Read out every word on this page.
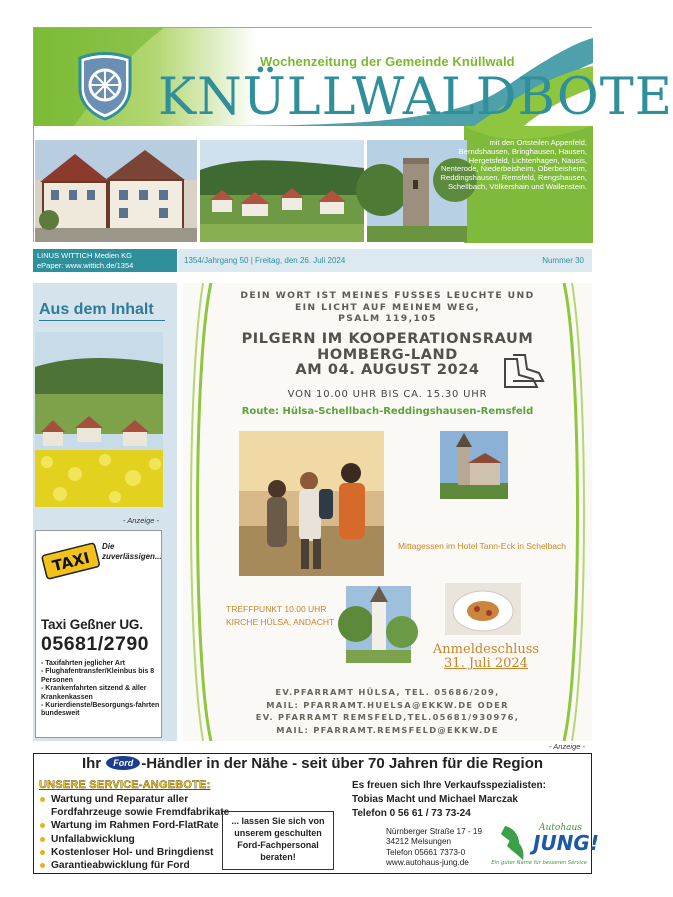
Wochenzeitung der Gemeinde Knüllwald
KNÜLLWALDBOTE
mit den Ortsteilen Appenfeld, Berndshausen, Bringhausen, Hausen, Hergetsfeld, Lichtenhagen, Nausis, Nenterode, Niederbeisheim, Oberbeisheim, Reddingshausen, Remsfeld, Rengshausen, Schellbach, Völkershain und Wallenstein.
LINUS WITTICH Medien KG
ePaper: www.wittich.de/1354	1354/Jahrgang 50 | Freitag, den 26. Juli 2024	Nummer 30
Aus dem Inhalt
- Anzeige -
TAXI
Die zuverlässigen...
Taxi Geßner UG.
05681/2790
- Taxifahrten jeglicher Art
- Flughafentransfer/Kleinbus bis 8 Personen
- Krankenfahrten sitzend & aller Krankenkassen
- Kurierdienste/Besorgungs-fahrten bundesweit
DEIN WORT IST MEINES FUSSES LEUCHTE UND
EIN LICHT AUF MEINEM WEG,
PSALM 119,105
PILGERN IM KOOPERATIONSRAUM
HOMBERG-LAND
AM 04. AUGUST 2024
VON 10.00 UHR BIS CA. 15.30 UHR
Route: Hülsa-Schellbach-Reddingshausen-Remsfeld
Mittagessen im Hotel Tann-Eck in Schelbach
TREFFPUNKT 10.00 UHR
KIRCHE HÜLSA, ANDACHT
Anmeldeschluss
31. Juli 2024
EV.PFARRAMT HÜLSA, TEL. 05686/209,
MAIL: PFARRAMT.HUELSA@EKKW.DE ODER
EV. PFARRAMT REMSFELD,TEL.05681/930976,
MAIL: PFARRAMT.REMSFELD@EKKW.DE
- Anzeige -
Ihr Ford -Händler in der Nähe - seit über 70 Jahren für die Region
UNSERE SERVICE-ANGEBOTE:
Wartung und Reparatur aller Fordfahrzeuge sowie Fremdfabrikate
Wartung im Rahmen Ford-FlatRate
Unfallabwicklung
Kostenloser Hol- und Bringdienst
Garantieabwicklung für Ford
... lassen Sie sich von unserem geschulten Ford-Fachpersonal beraten!
Es freuen sich Ihre Verkaufsspezialisten:
Tobias Macht und Michael Marczak
Telefon 0 56 61 / 73 73-24
Nürnberger Straße 17 - 19
34212 Melsungen
Telefon 05661 7373-0
www.autohaus-jung.de
Autohaus
JUNG!
Ein guter Name für besseren Service
